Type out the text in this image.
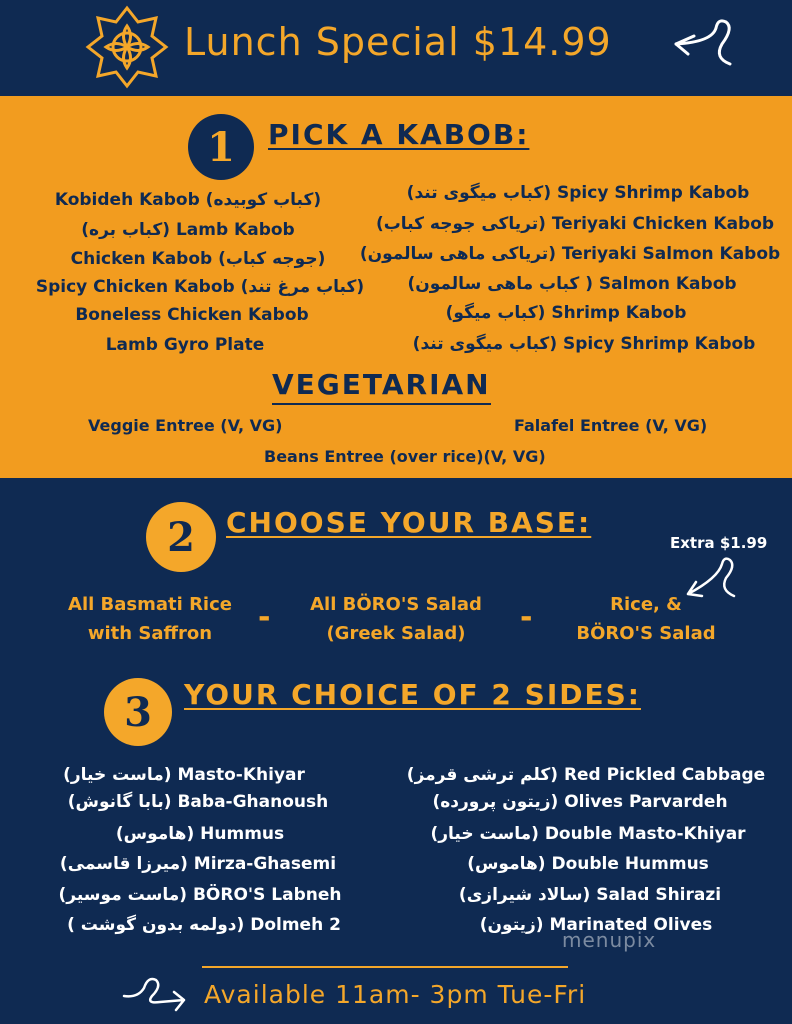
Lunch Special $14.99
1 PICK A KABOB:
Kobideh Kabob (کباب کوبیده)
(کباب بره) Lamb Kabob
Chicken Kabob (جوجه کباب)
Spicy Chicken Kabob (کباب مرغ تند)
Boneless Chicken Kabob
Lamb Gyro Plate
(کباب میگوی تند) Spicy Shrimp Kabob
(تریاکی جوجه کباب) Teriyaki Chicken Kabob
(تریاکی ماهی سالمون) Teriyaki Salmon Kabob
(کباب ماهی سالمون ) Salmon Kabob
(کباب میگو) Shrimp Kabob
(کباب میگوی تند) Spicy Shrimp Kabob
VEGETARIAN
Veggie Entree (V, VG)	Falafel Entree (V, VG)
Beans Entree (over rice)(V, VG)
2 CHOOSE YOUR BASE:
Extra $1.99
All Basmati Rice
with Saffron	- All BÖRO'S Salad
(Greek Salad)	-	Rice, &
BÖRO'S Salad
3 YOUR CHOICE OF 2 SIDES:
(ماست خیار) Masto-Khiyar
(بابا گانوش) Baba-Ghanoush
(هاموس) Hummus
(میرزا قاسمی) Mirza-Ghasemi
(ماست موسیر) BÖRO'S Labneh
( دولمه بدون گوشت) Dolmeh 2
(کلم ترشی قرمز) Red Pickled Cabbage
(زیتون پرورده) Olives Parvardeh
(ماست خیار) Double Masto-Khiyar
(هاموس) Double Hummus
(سالاد شیرازی) Salad Shirazi
(زیتون) Marinated Olives
menupix
Available 11am- 3pm Tue-Fri
